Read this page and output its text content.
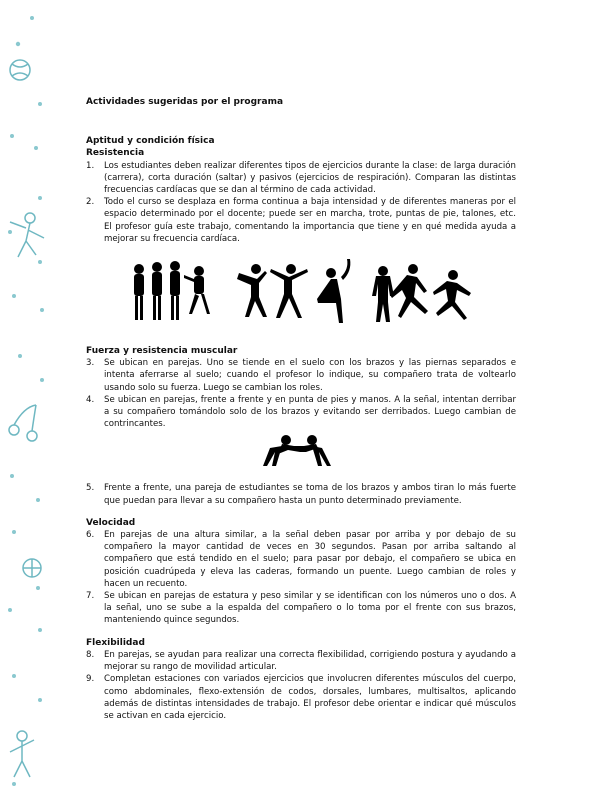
Actividades sugeridas por el programa

Aptitud y condición física

Resistencia

1. Los estudiantes deben realizar diferentes tipos de ejercicios durante la clase: de larga duración (carrera), corta duración (saltar) y pasivos (ejercicios de respiración). Comparan las distintas frecuencias cardíacas que se dan al término de cada actividad.
2. Todo el curso se desplaza en forma continua a baja intensidad y de diferentes maneras por el espacio determinado por el docente; puede ser en marcha, trote, puntas de pie, talones, etc. El profesor guía este trabajo, comentando la importancia que tiene y en qué medida ayuda a mejorar su frecuencia cardíaca.

Fuerza y resistencia muscular

3. Se ubican en parejas. Uno se tiende en el suelo con los brazos y las piernas separados e intenta aferrarse al suelo; cuando el profesor lo indique, su compañero trata de voltearlo usando solo su fuerza. Luego se cambian los roles.
4. Se ubican en parejas, frente a frente y en punta de pies y manos. A la señal, intentan derribar a su compañero tomándolo solo de los brazos y evitando ser derribados. Luego cambian de contrincantes.
5. Frente a frente, una pareja de estudiantes se toma de los brazos y ambos tiran lo más fuerte que puedan para llevar a su compañero hasta un punto determinado previamente.

Velocidad

6. En parejas de una altura similar, a la señal deben pasar por arriba y por debajo de su compañero la mayor cantidad de veces en 30 segundos. Pasan por arriba saltando al compañero que está tendido en el suelo; para pasar por debajo, el compañero se ubica en posición cuadrúpeda y eleva las caderas, formando un puente. Luego cambian de roles y hacen un recuento.
7. Se ubican en parejas de estatura y peso similar y se identifican con los números uno o dos. A la señal, uno se sube a la espalda del compañero o lo toma por el frente con sus brazos, manteniendo quince segundos.

Flexibilidad

8. En parejas, se ayudan para realizar una correcta flexibilidad, corrigiendo postura y ayudando a mejorar su rango de movilidad articular.
9. Completan estaciones con variados ejercicios que involucren diferentes músculos del cuerpo, como abdominales, flexo-extensión de codos, dorsales, lumbares, multisaltos, aplicando además de distintas intensidades de trabajo. El profesor debe orientar e indicar qué músculos se activan en cada ejercicio.
